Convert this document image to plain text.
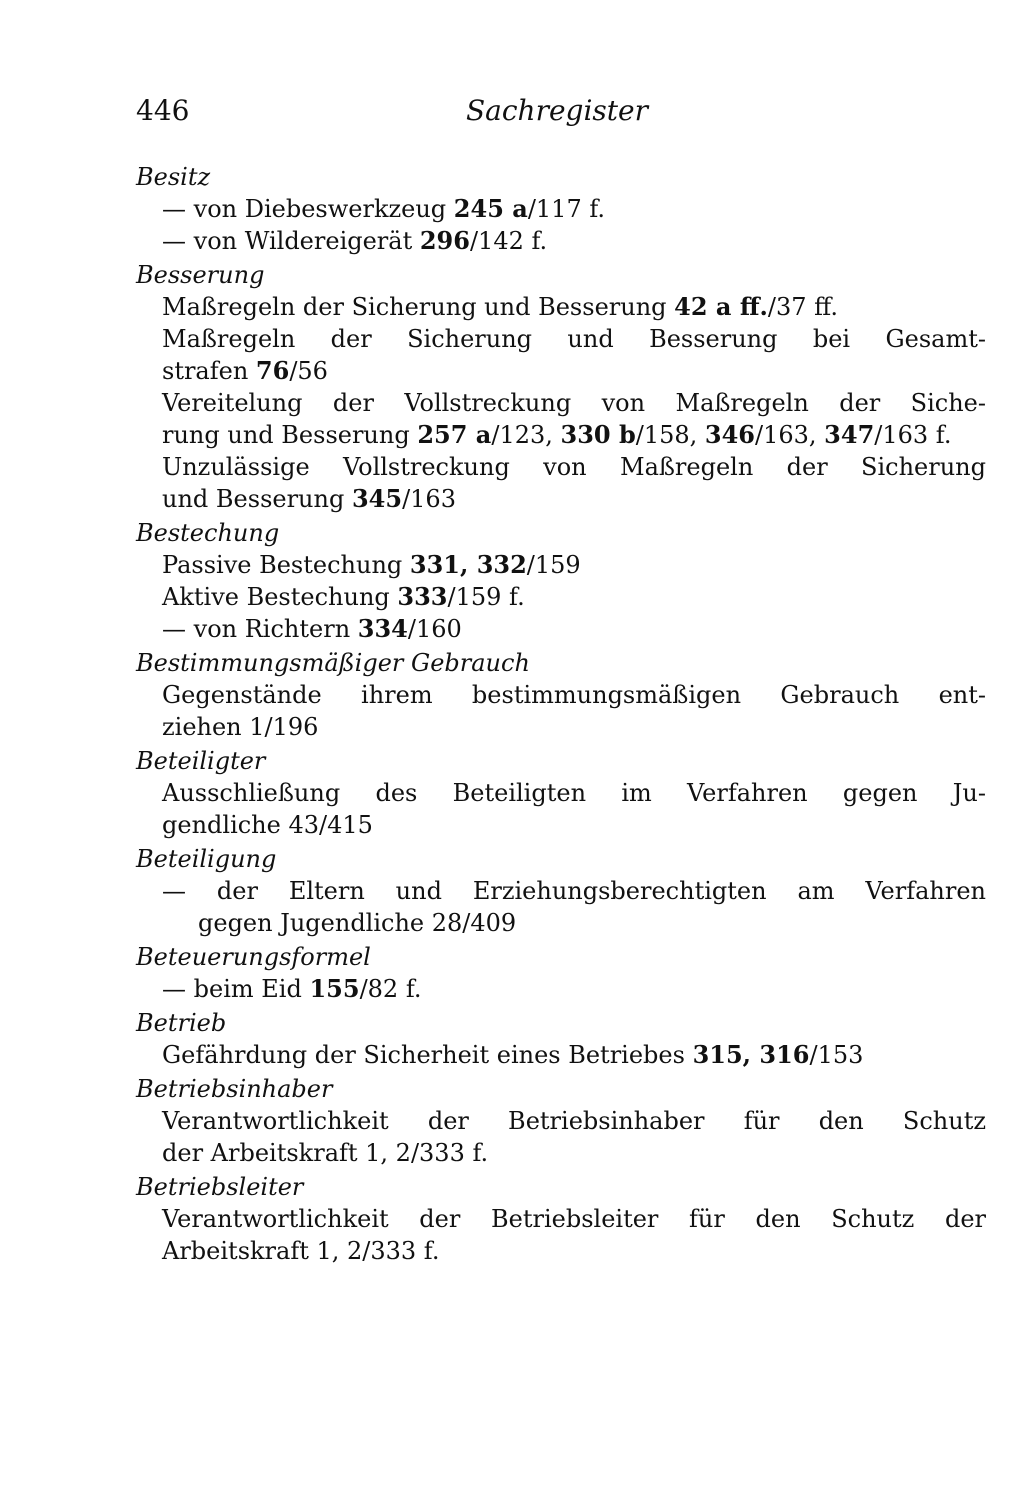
446	Sachregister
Besitz
— von Diebeswerkzeug 245 a/117 f.
— von Wildereigerät 296/142 f.
Besserung
Maßregeln der Sicherung und Besserung 42 a ff./37 ff.
Maßregeln der Sicherung und Besserung bei Gesamt-
strafen 76/56
Vereitelung der Vollstreckung von Maßregeln der Siche-
rung und Besserung 257 a/123, 330 b/158, 346/163, 347/163 f.
Unzulässige Vollstreckung von Maßregeln der Sicherung
und Besserung 345/163
Bestechung
Passive Bestechung 331, 332/159
Aktive Bestechung 333/159 f.
— von Richtern 334/160
Bestimmungsmäßiger Gebrauch
Gegenstände ihrem bestimmungsmäßigen Gebrauch ent-
ziehen 1/196
Beteiligter
Ausschließung des Beteiligten im Verfahren gegen Ju-
gendliche 43/415
Beteiligung
— der Eltern und Erziehungsberechtigten am Verfahren
gegen Jugendliche 28/409
Beteuerungsformel
— beim Eid 155/82 f.
Betrieb
Gefährdung der Sicherheit eines Betriebes 315, 316/153
Betriebsinhaber
Verantwortlichkeit der Betriebsinhaber für den Schutz
der Arbeitskraft 1, 2/333 f.
Betriebsleiter
Verantwortlichkeit der Betriebsleiter für den Schutz der
Arbeitskraft 1, 2/333 f.
